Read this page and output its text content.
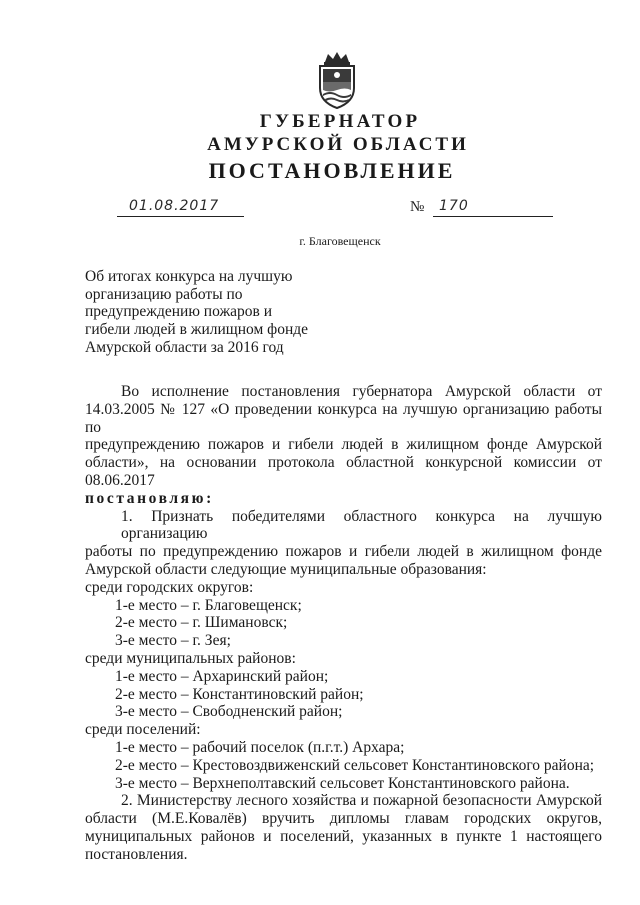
ГУБЕРНАТОР
АМУРСКОЙ ОБЛАСТИ
ПОСТАНОВЛЕНИЕ
01.08.2017	№ 170
г. Благовещенск
Об итогах конкурса на лучшую
организацию работы по
предупреждению пожаров и
гибели людей в жилищном фонде
Амурской области за 2016 год
Во исполнение постановления губернатора Амурской области от
14.03.2005 № 127 «О проведении конкурса на лучшую организацию работы по
предупреждению пожаров и гибели людей в жилищном фонде Амурской
области», на основании протокола областной конкурсной комиссии от
08.06.2017
постановляю:
1. Признать победителями областного конкурса на лучшую организацию
работы по предупреждению пожаров и гибели людей в жилищном фонде
Амурской области следующие муниципальные образования:
среди городских округов:
1-е место – г. Благовещенск;
2-е место – г. Шимановск;
3-е место – г. Зея;
среди муниципальных районов:
1-е место – Архаринский район;
2-е место – Константиновский район;
3-е место – Свободненский район;
среди поселений:
1-е место – рабочий поселок (п.г.т.) Архара;
2-е место – Крестовоздвиженский сельсовет Константиновского района;
3-е место – Верхнеполтавский сельсовет Константиновского района.
2. Министерству лесного хозяйства и пожарной безопасности Амурской
области (М.Е.Ковалёв) вручить дипломы главам городских округов,
муниципальных районов и поселений, указанных в пункте 1 настоящего
постановления.
